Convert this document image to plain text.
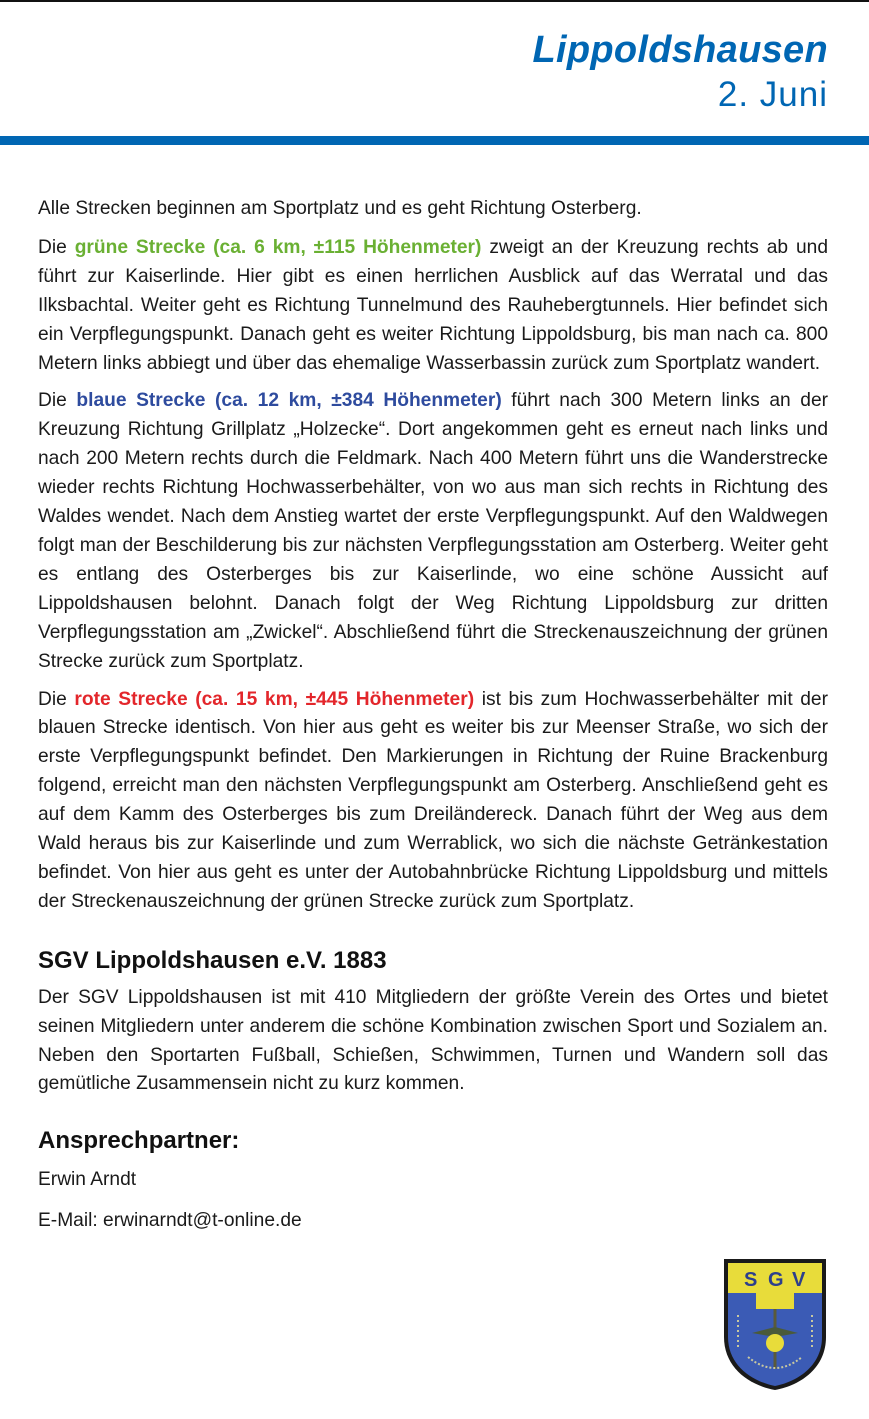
Lippoldshausen
2. Juni

Alle Strecken beginnen am Sportplatz und es geht Richtung Osterberg.

Die grüne Strecke (ca. 6 km, ±115 Höhenmeter) zweigt an der Kreuzung rechts ab und führt zur Kaiserlinde. Hier gibt es einen herrlichen Ausblick auf das Werratal und das Ilksbachtal. Weiter geht es Richtung Tunnelmund des Rauhebergtunnels. Hier befindet sich ein Verpflegungspunkt. Danach geht es weiter Richtung Lippoldsburg, bis man nach ca. 800 Metern links abbiegt und über das ehemalige Wasserbassin zurück zum Sportplatz wandert.

Die blaue Strecke (ca. 12 km, ±384 Höhenmeter) führt nach 300 Metern links an der Kreuzung Richtung Grillplatz „Holzecke“. Dort angekommen geht es erneut nach links und nach 200 Metern rechts durch die Feldmark. Nach 400 Metern führt uns die Wanderstrecke wieder rechts Richtung Hochwasserbehälter, von wo aus man sich rechts in Richtung des Waldes wendet. Nach dem Anstieg wartet der erste Verpflegungspunkt. Auf den Waldwegen folgt man der Beschilderung bis zur nächsten Verpflegungsstation am Osterberg. Weiter geht es entlang des Osterberges bis zur Kaiserlinde, wo eine schöne Aussicht auf Lippoldshausen belohnt. Danach folgt der Weg Richtung Lippoldsburg zur dritten Verpflegungsstation am „Zwickel“. Abschließend führt die Streckenauszeichnung der grünen Strecke zurück zum Sportplatz.

Die rote Strecke (ca. 15 km, ±445 Höhenmeter) ist bis zum Hochwasserbehälter mit der blauen Strecke identisch. Von hier aus geht es weiter bis zur Meenser Straße, wo sich der erste Verpflegungspunkt befindet. Den Markierungen in Richtung der Ruine Brackenburg folgend, erreicht man den nächsten Verpflegungspunkt am Osterberg. Anschließend geht es auf dem Kamm des Osterberges bis zum Dreiländereck. Danach führt der Weg aus dem Wald heraus bis zur Kaiserlinde und zum Werrablick, wo sich die nächste Getränkestation befindet. Von hier aus geht es unter der Autobahnbrücke Richtung Lippoldsburg und mittels der Streckenauszeichnung der grünen Strecke zurück zum Sportplatz.

SGV Lippoldshausen e.V. 1883

Der SGV Lippoldshausen ist mit 410 Mitgliedern der größte Verein des Ortes und bietet seinen Mitgliedern unter anderem die schöne Kombination zwischen Sport und Sozialem an. Neben den Sportarten Fußball, Schießen, Schwimmen, Turnen und Wandern soll das gemütliche Zusammensein nicht zu kurz kommen.

Ansprechpartner:
Erwin Arndt
E-Mail: erwinarndt@t-online.de
S G V
